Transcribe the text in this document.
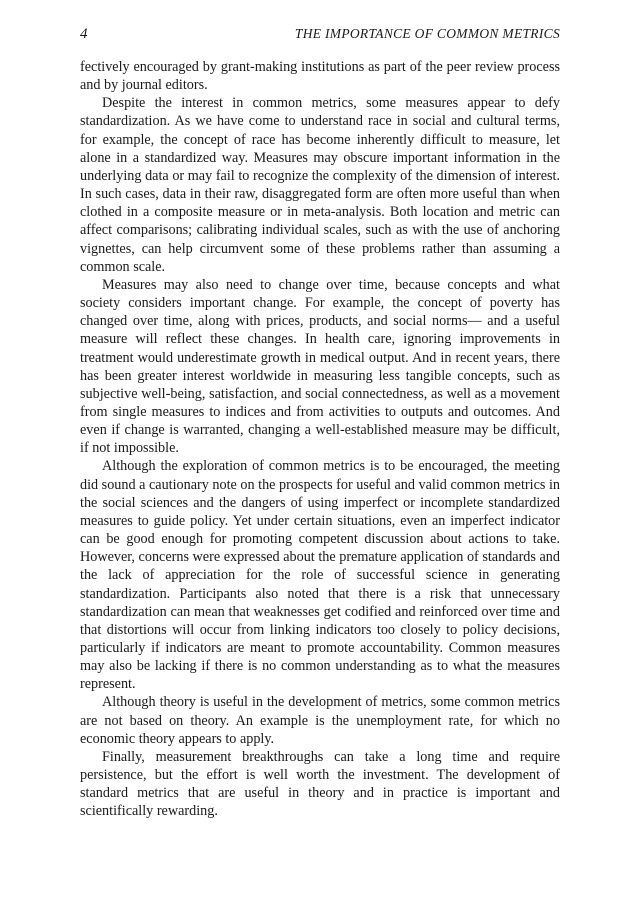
4	THE IMPORTANCE OF COMMON METRICS

fectively encouraged by grant-making institutions as part of the peer review process and by journal editors.

Despite the interest in common metrics, some measures appear to defy standardization. As we have come to understand race in social and cultural terms, for example, the concept of race has become inherently difficult to measure, let alone in a standardized way. Measures may obscure important information in the underlying data or may fail to recognize the complexity of the dimension of interest. In such cases, data in their raw, disaggregated form are often more useful than when clothed in a composite measure or in meta-analysis. Both location and metric can affect comparisons; calibrating individual scales, such as with the use of anchoring vignettes, can help circumvent some of these problems rather than assuming a common scale.

Measures may also need to change over time, because concepts and what society considers important change. For example, the concept of poverty has changed over time, along with prices, products, and social norms— and a useful measure will reflect these changes. In health care, ignoring improvements in treatment would underestimate growth in medical output. And in recent years, there has been greater interest worldwide in measuring less tangible concepts, such as subjective well-being, satisfaction, and social connectedness, as well as a movement from single measures to indices and from activities to outputs and outcomes. And even if change is warranted, changing a well-established measure may be difficult, if not impossible.

Although the exploration of common metrics is to be encouraged, the meeting did sound a cautionary note on the prospects for useful and valid common metrics in the social sciences and the dangers of using imperfect or incomplete standardized measures to guide policy. Yet under certain situations, even an imperfect indicator can be good enough for promoting competent discussion about actions to take. However, concerns were expressed about the premature application of standards and the lack of appreciation for the role of successful science in generating standardization. Participants also noted that there is a risk that unnecessary standardization can mean that weaknesses get codified and reinforced over time and that distortions will occur from linking indicators too closely to policy decisions, particularly if indicators are meant to promote accountability. Common measures may also be lacking if there is no common understanding as to what the measures represent.

Although theory is useful in the development of metrics, some common metrics are not based on theory. An example is the unemployment rate, for which no economic theory appears to apply.

Finally, measurement breakthroughs can take a long time and require persistence, but the effort is well worth the investment. The development of standard metrics that are useful in theory and in practice is important and scientifically rewarding.
